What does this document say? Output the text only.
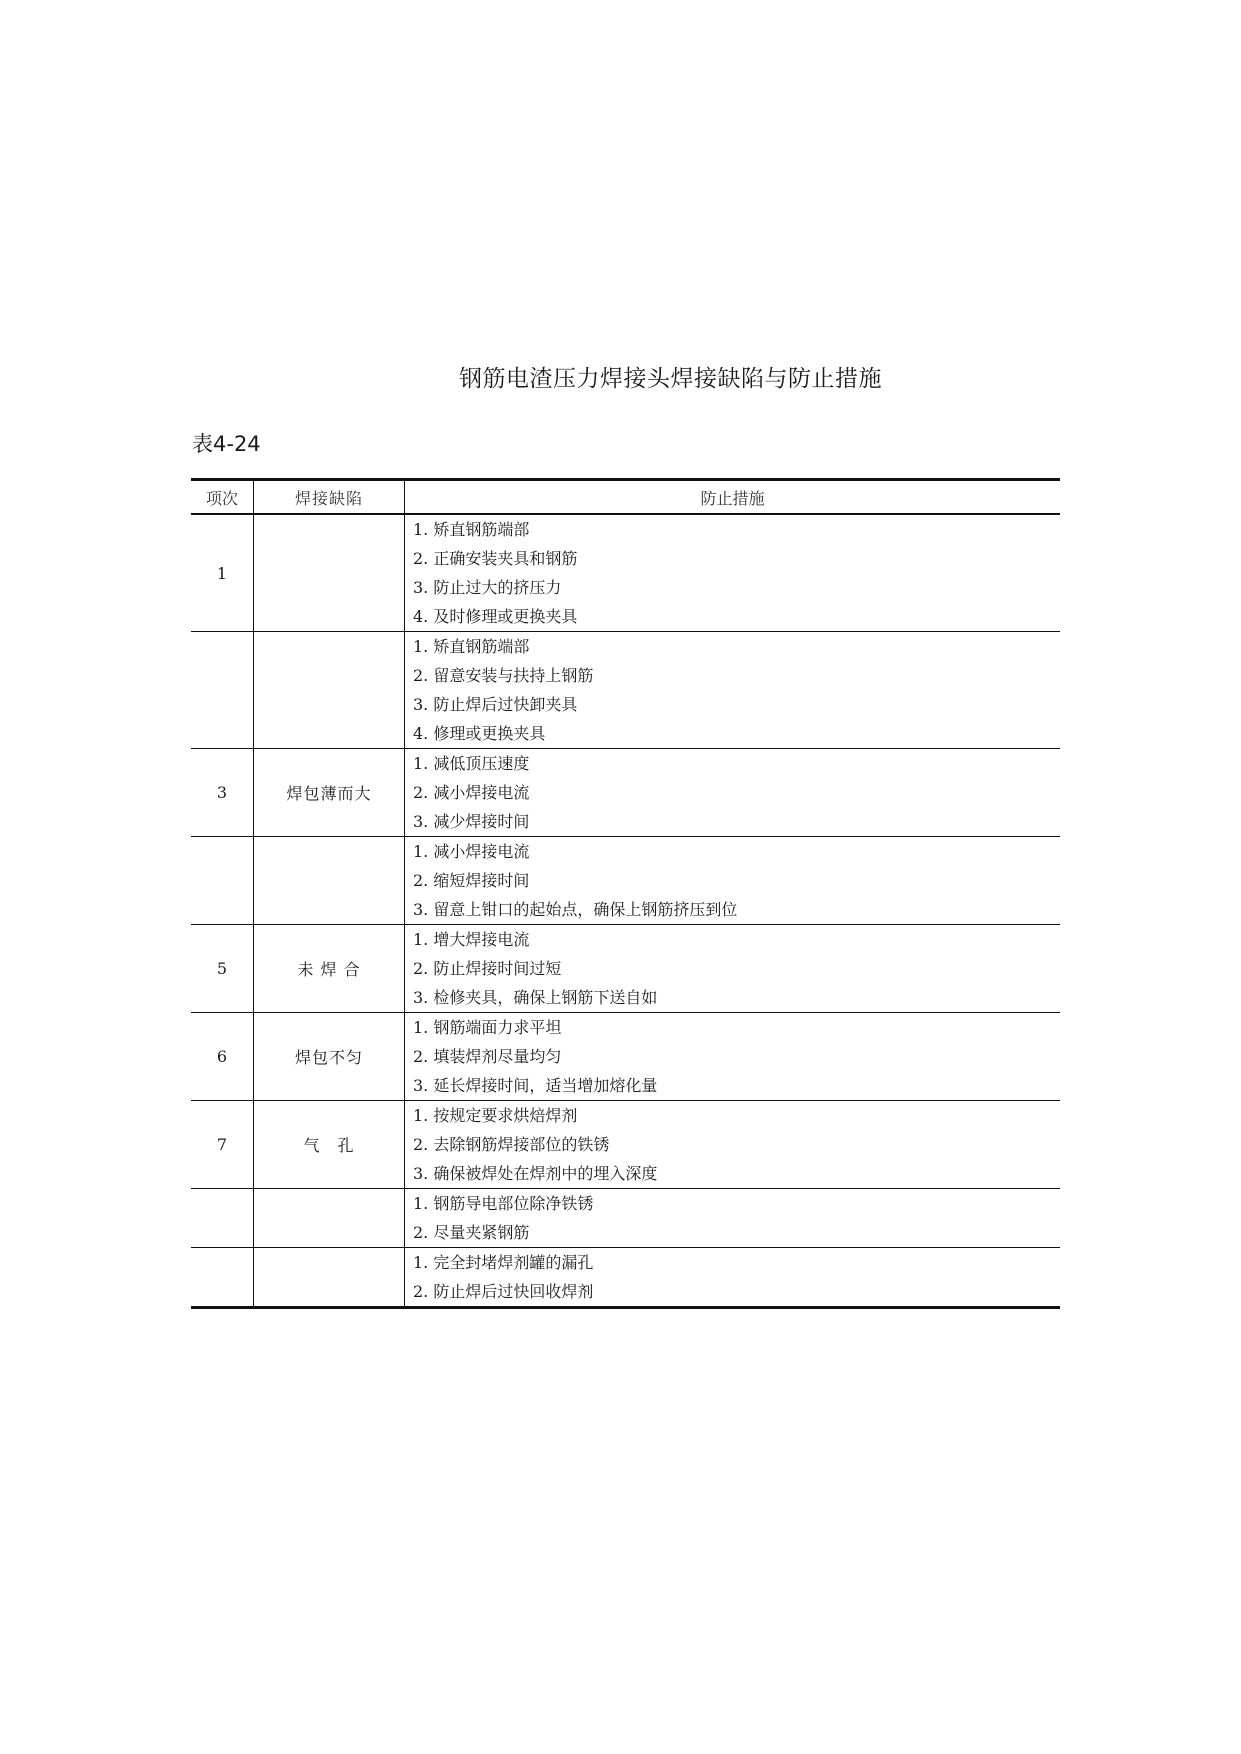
钢筋电渣压力焊接头焊接缺陷与防止措施
表4-24
项次	焊接缺陷	防止措施
1		1. 矫直钢筋端部
2. 正确安装夹具和钢筋
3. 防止过大的挤压力
4. 及时修理或更换夹具

		1. 矫直钢筋端部
2. 留意安装与扶持上钢筋
3. 防止焊后过快卸夹具
4. 修理或更换夹具

3	焊包薄而大	1. 减低顶压速度
2. 减小焊接电流
3. 减少焊接时间

		1. 减小焊接电流
2. 缩短焊接时间
3. 留意上钳口的起始点，确保上钢筋挤压到位

5	未 焊 合	1. 增大焊接电流
2. 防止焊接时间过短
3. 检修夹具，确保上钢筋下送自如

6	焊包不匀	1. 钢筋端面力求平坦
2. 填装焊剂尽量均匀
3. 延长焊接时间，适当增加熔化量

7	气　孔	1. 按规定要求烘焙焊剂
2. 去除钢筋焊接部位的铁锈
3. 确保被焊处在焊剂中的埋入深度

		1. 钢筋导电部位除净铁锈
2. 尽量夹紧钢筋

		1. 完全封堵焊剂罐的漏孔
2. 防止焊后过快回收焊剂
